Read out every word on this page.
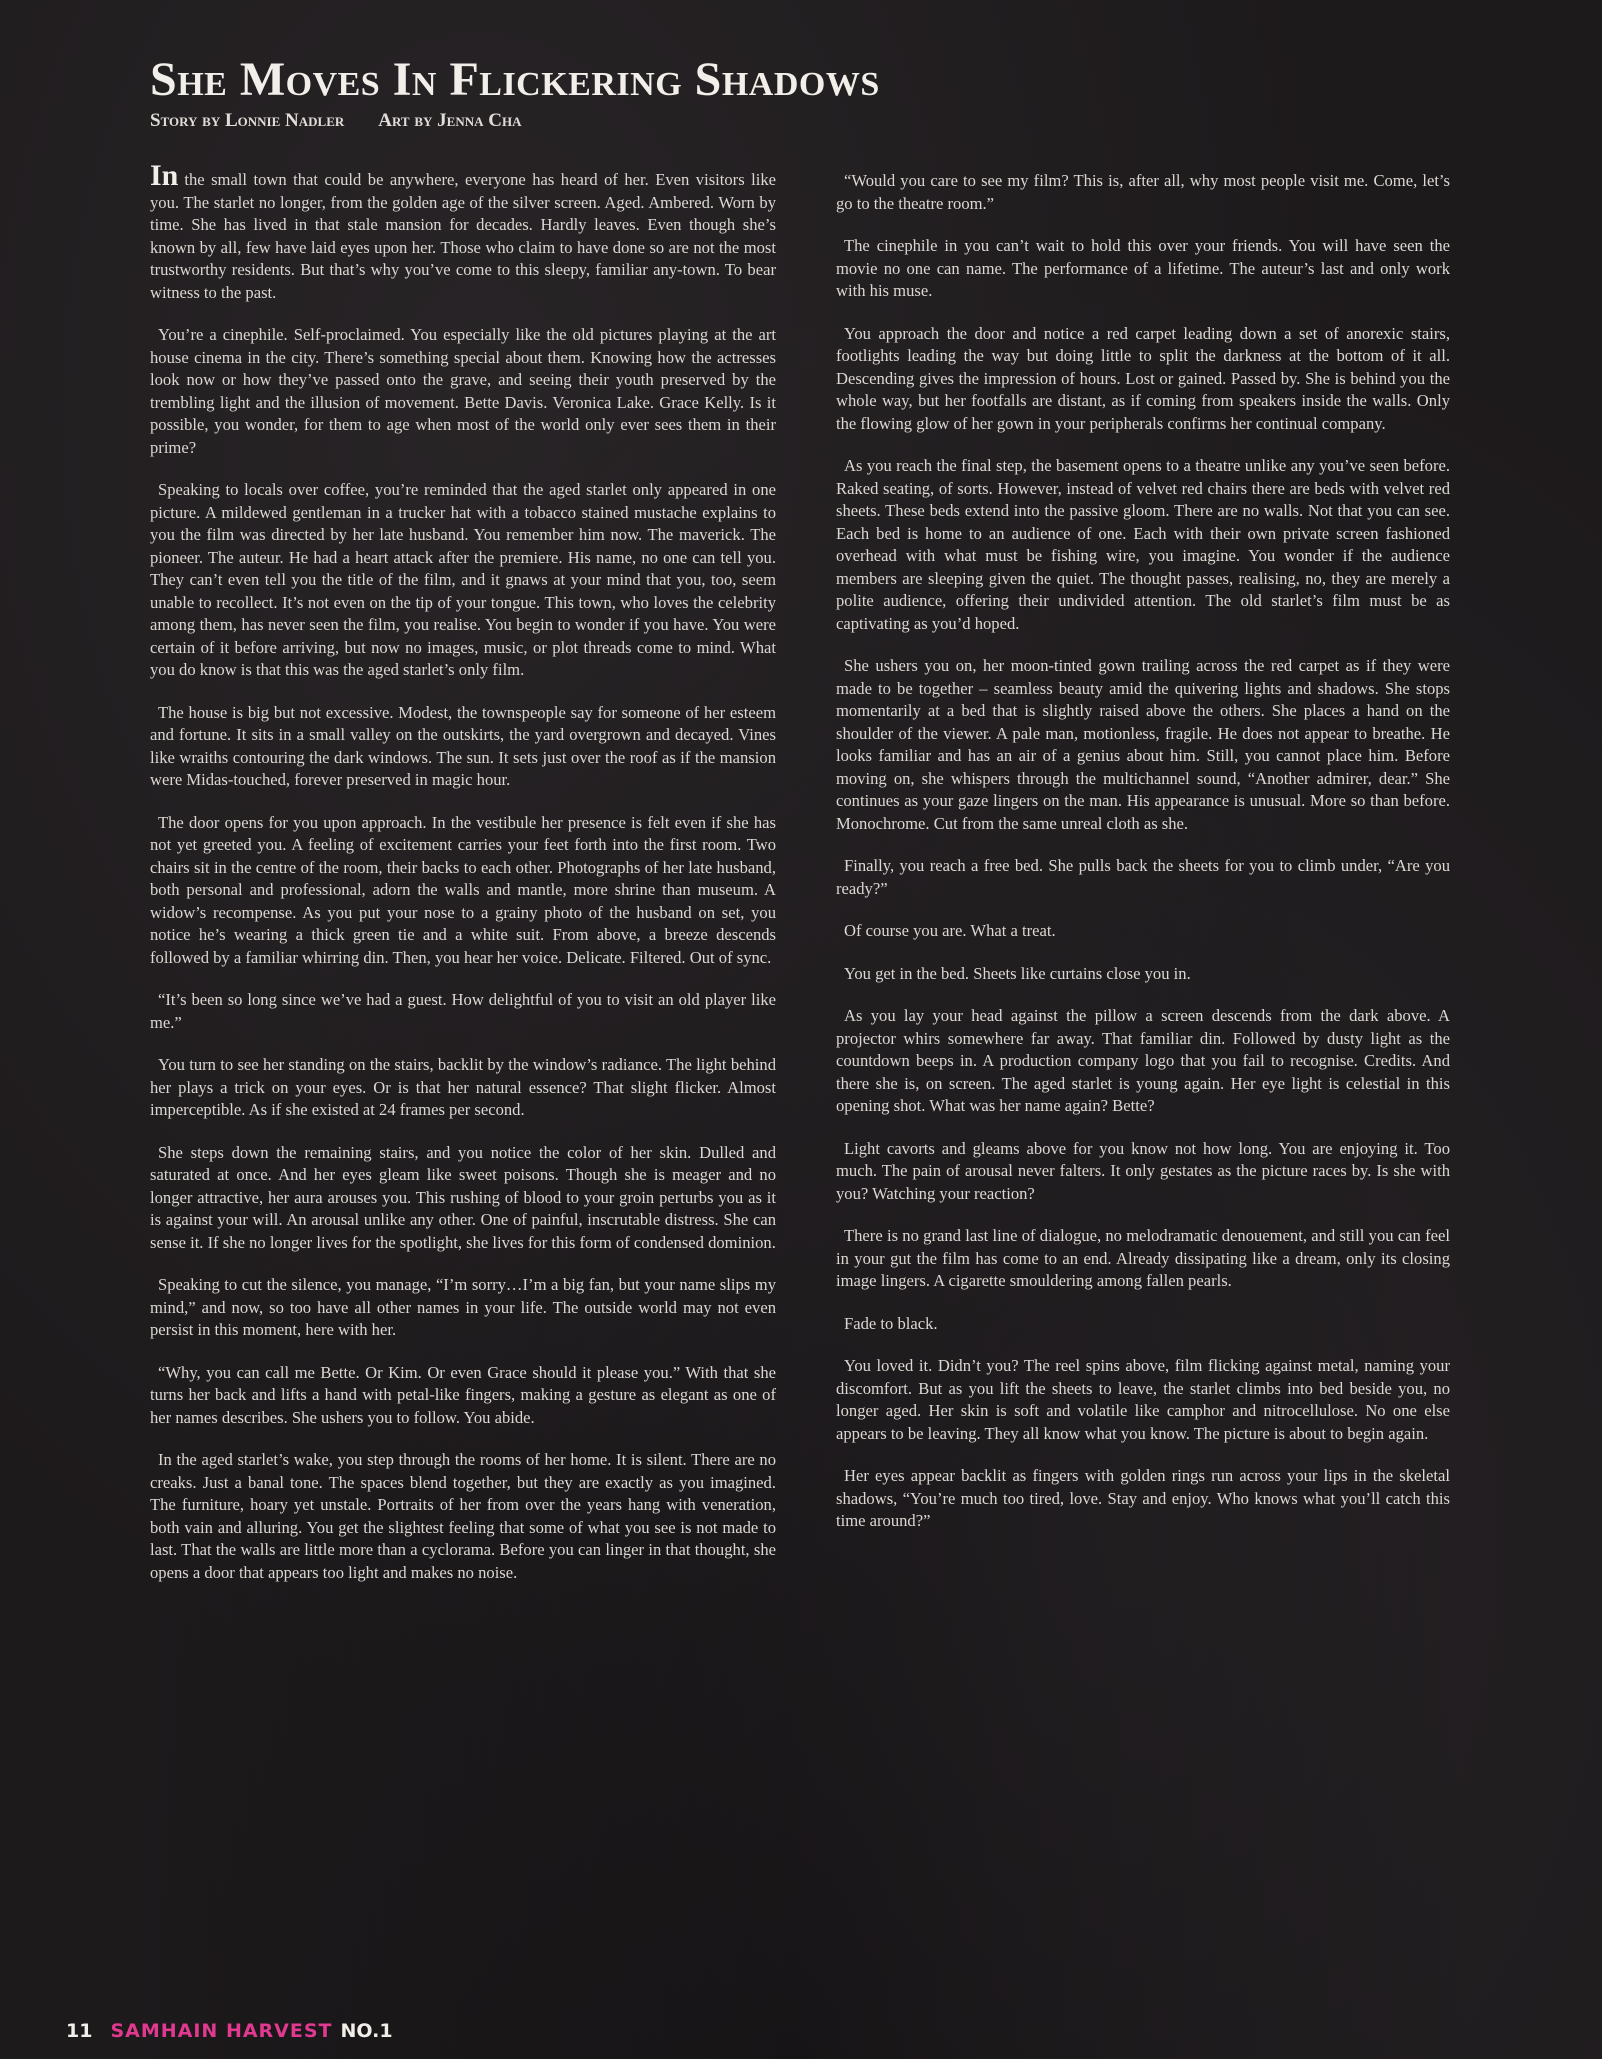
She Moves In Flickering Shadows
Story by Lonnie Nadler Art by Jenna Cha

In the small town that could be anywhere, everyone has heard of her. Even visitors like you. The starlet no longer, from the golden age of the silver screen. Aged. Ambered. Worn by time. She has lived in that stale mansion for decades. Hardly leaves. Even though she’s known by all, few have laid eyes upon her. Those who claim to have done so are not the most trustworthy residents. But that’s why you’ve come to this sleepy, familiar any-town. To bear witness to the past.

You’re a cinephile. Self-proclaimed. You especially like the old pictures playing at the art house cinema in the city. There’s something special about them. Knowing how the actresses look now or how they’ve passed onto the grave, and seeing their youth preserved by the trembling light and the illusion of movement. Bette Davis. Veronica Lake. Grace Kelly. Is it possible, you wonder, for them to age when most of the world only ever sees them in their prime?

Speaking to locals over coffee, you’re reminded that the aged starlet only appeared in one picture. A mildewed gentleman in a trucker hat with a tobacco stained mustache explains to you the film was directed by her late husband. You remember him now. The maverick. The pioneer. The auteur. He had a heart attack after the premiere. His name, no one can tell you. They can’t even tell you the title of the film, and it gnaws at your mind that you, too, seem unable to recollect. It’s not even on the tip of your tongue. This town, who loves the celebrity among them, has never seen the film, you realise. You begin to wonder if you have. You were certain of it before arriving, but now no images, music, or plot threads come to mind. What you do know is that this was the aged starlet’s only film.

The house is big but not excessive. Modest, the townspeople say for someone of her esteem and fortune. It sits in a small valley on the outskirts, the yard overgrown and decayed. Vines like wraiths contouring the dark windows. The sun. It sets just over the roof as if the mansion were Midas-touched, forever preserved in magic hour.

The door opens for you upon approach. In the vestibule her presence is felt even if she has not yet greeted you. A feeling of excitement carries your feet forth into the first room. Two chairs sit in the centre of the room, their backs to each other. Photographs of her late husband, both personal and professional, adorn the walls and mantle, more shrine than museum. A widow’s recompense. As you put your nose to a grainy photo of the husband on set, you notice he’s wearing a thick green tie and a white suit. From above, a breeze descends followed by a familiar whirring din. Then, you hear her voice. Delicate. Filtered. Out of sync.

“It’s been so long since we’ve had a guest. How delightful of you to visit an old player like me.”

You turn to see her standing on the stairs, backlit by the window’s radiance. The light behind her plays a trick on your eyes. Or is that her natural essence? That slight flicker. Almost imperceptible. As if she existed at 24 frames per second.

She steps down the remaining stairs, and you notice the color of her skin. Dulled and saturated at once. And her eyes gleam like sweet poisons. Though she is meager and no longer attractive, her aura arouses you. This rushing of blood to your groin perturbs you as it is against your will. An arousal unlike any other. One of painful, inscrutable distress. She can sense it. If she no longer lives for the spotlight, she lives for this form of condensed dominion.

Speaking to cut the silence, you manage, “I’m sorry…I’m a big fan, but your name slips my mind,” and now, so too have all other names in your life. The outside world may not even persist in this moment, here with her.

“Why, you can call me Bette. Or Kim. Or even Grace should it please you.” With that she turns her back and lifts a hand with petal-like fingers, making a gesture as elegant as one of her names describes. She ushers you to follow. You abide.

In the aged starlet’s wake, you step through the rooms of her home. It is silent. There are no creaks. Just a banal tone. The spaces blend together, but they are exactly as you imagined. The furniture, hoary yet unstale. Portraits of her from over the years hang with veneration, both vain and alluring. You get the slightest feeling that some of what you see is not made to last. That the walls are little more than a cyclorama. Before you can linger in that thought, she opens a door that appears too light and makes no noise.

“Would you care to see my film? This is, after all, why most people visit me. Come, let’s go to the theatre room.”

The cinephile in you can’t wait to hold this over your friends. You will have seen the movie no one can name. The performance of a lifetime. The auteur’s last and only work with his muse.

You approach the door and notice a red carpet leading down a set of anorexic stairs, footlights leading the way but doing little to split the darkness at the bottom of it all. Descending gives the impression of hours. Lost or gained. Passed by. She is behind you the whole way, but her footfalls are distant, as if coming from speakers inside the walls. Only the flowing glow of her gown in your peripherals confirms her continual company.

As you reach the final step, the basement opens to a theatre unlike any you’ve seen before. Raked seating, of sorts. However, instead of velvet red chairs there are beds with velvet red sheets. These beds extend into the passive gloom. There are no walls. Not that you can see. Each bed is home to an audience of one. Each with their own private screen fashioned overhead with what must be fishing wire, you imagine. You wonder if the audience members are sleeping given the quiet. The thought passes, realising, no, they are merely a polite audience, offering their undivided attention. The old starlet’s film must be as captivating as you’d hoped.

She ushers you on, her moon-tinted gown trailing across the red carpet as if they were made to be together – seamless beauty amid the quivering lights and shadows. She stops momentarily at a bed that is slightly raised above the others. She places a hand on the shoulder of the viewer. A pale man, motionless, fragile. He does not appear to breathe. He looks familiar and has an air of a genius about him. Still, you cannot place him. Before moving on, she whispers through the multichannel sound, “Another admirer, dear.” She continues as your gaze lingers on the man. His appearance is unusual. More so than before. Monochrome. Cut from the same unreal cloth as she.

Finally, you reach a free bed. She pulls back the sheets for you to climb under, “Are you ready?”

Of course you are. What a treat.

You get in the bed. Sheets like curtains close you in.

As you lay your head against the pillow a screen descends from the dark above. A projector whirs somewhere far away. That familiar din. Followed by dusty light as the countdown beeps in. A production company logo that you fail to recognise. Credits. And there she is, on screen. The aged starlet is young again. Her eye light is celestial in this opening shot. What was her name again? Bette?

Light cavorts and gleams above for you know not how long. You are enjoying it. Too much. The pain of arousal never falters. It only gestates as the picture races by. Is she with you? Watching your reaction?

There is no grand last line of dialogue, no melodramatic denouement, and still you can feel in your gut the film has come to an end. Already dissipating like a dream, only its closing image lingers. A cigarette smouldering among fallen pearls.

Fade to black.

You loved it. Didn’t you? The reel spins above, film flicking against metal, naming your discomfort. But as you lift the sheets to leave, the starlet climbs into bed beside you, no longer aged. Her skin is soft and volatile like camphor and nitrocellulose. No one else appears to be leaving. They all know what you know. The picture is about to begin again.

Her eyes appear backlit as fingers with golden rings run across your lips in the skeletal shadows, “You’re much too tired, love. Stay and enjoy. Who knows what you’ll catch this time around?”

11 SAMHAIN HARVEST NO.1
